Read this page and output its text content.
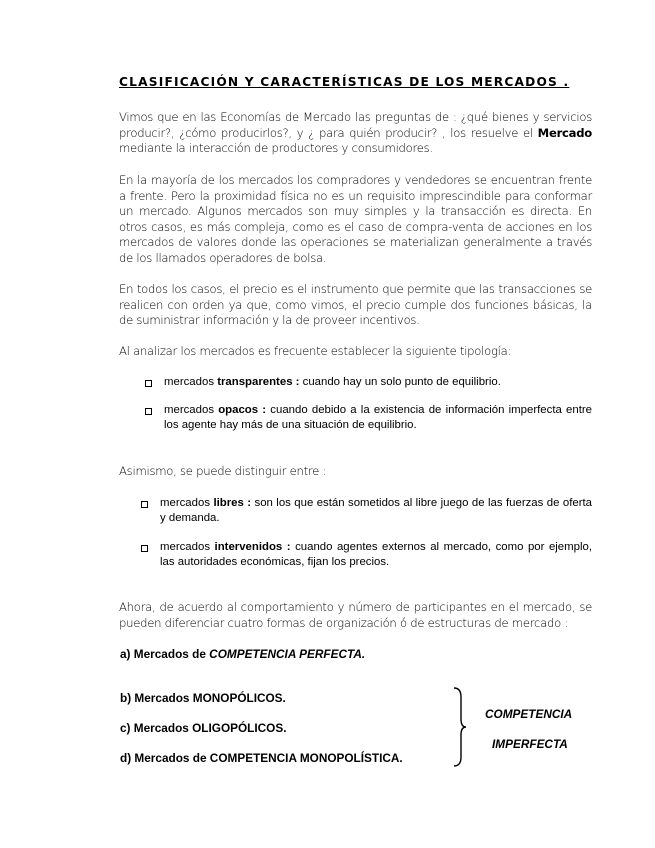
CLASIFICACIÓN Y CARACTERÍSTICAS DE LOS MERCADOS .
Vimos que en las Economías de Mercado las preguntas de : ¿qué bienes y servicios producir?, ¿cómo producirlos?, y ¿ para quién producir? , los resuelve el Mercado mediante la interacción de productores y consumidores.
En la mayoría de los mercados los compradores y vendedores se encuentran frente a frente. Pero la proximidad física no es un requisito imprescindible para conformar un mercado. Algunos mercados son muy simples y la transacción es directa. En otros casos, es más compleja, como es el caso de compra-venta de acciones en los mercados de valores donde las operaciones se materializan generalmente a través de los llamados operadores de bolsa.
En todos los casos, el precio es el instrumento que permite que las transacciones se realicen con orden ya que, como vimos, el precio cumple dos funciones básicas, la de suministrar información y la de proveer incentivos.
Al analizar los mercados es frecuente establecer la siguiente tipología:
mercados transparentes : cuando hay un solo punto de equilibrio.
mercados opacos : cuando debido a la existencia de información imperfecta entre los agente hay más de una situación de equilibrio.
Asimismo, se puede distinguir entre :
mercados libres : son los que están sometidos al libre juego de las fuerzas de oferta y demanda.
mercados intervenidos : cuando agentes externos al mercado, como por ejemplo, las autoridades económicas, fijan los precios.
Ahora, de acuerdo al comportamiento y número de participantes en el mercado, se pueden diferenciar cuatro formas de organización ó de estructuras de mercado :
a) Mercados de COMPETENCIA PERFECTA.
b) Mercados MONOPÓLICOS.
c) Mercados OLIGOPÓLICOS.
d) Mercados de COMPETENCIA MONOPOLÍSTICA.
COMPETENCIA
IMPERFECTA
